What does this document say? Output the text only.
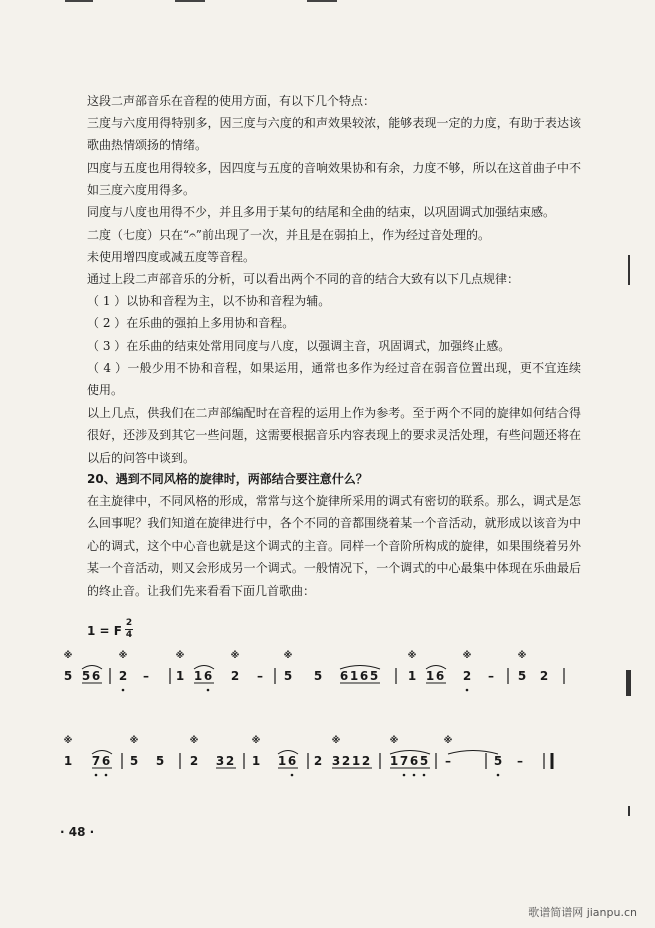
这段二声部音乐在音程的使用方面，有以下几个特点：

三度与六度用得特别多，因三度与六度的和声效果较浓，能够表现一定的力度，有助于表达该歌曲热情颂扬的情绪。

四度与五度也用得较多，因四度与五度的音响效果协和有余，力度不够，所以在这首曲子中不如三度六度用得多。

同度与八度也用得不少，并且多用于某句的结尾和全曲的结束，以巩固调式加强结束感。

二度（七度）只在“𝄐”前出现了一次，并且是在弱拍上，作为经过音处理的。

未使用增四度或减五度等音程。

通过上段二声部音乐的分析，可以看出两个不同的音的结合大致有以下几点规律：

（ 1 ）以协和音程为主，以不协和音程为辅。

（ 2 ）在乐曲的强拍上多用协和音程。

（ 3 ）在乐曲的结束处常用同度与八度，以强调主音，巩固调式，加强终止感。

（ 4 ）一般少用不协和音程，如果运用，通常也多作为经过音在弱音位置出现，更不宜连续使用。

以上几点，供我们在二声部编配时在音程的运用上作为参考。至于两个不同的旋律如何结合得很好，还涉及到其它一些问题，这需要根据音乐内容表现上的要求灵活处理，有些问题还将在以后的问答中谈到。

20、遇到不同风格的旋律时，两部结合要注意什么？

在主旋律中，不同风格的形成，常常与这个旋律所采用的调式有密切的联系。那么，调式是怎么回事呢？我们知道在旋律进行中，各个不同的音都围绕着某一个音活动，就形成以该音为中心的调式，这个中心音也就是这个调式的主音。同样一个音阶所构成的旋律，如果围绕着另外某一个音活动，则又会形成另一个调式。一般情况下，一个调式的中心最集中体现在乐曲最后的终止音。让我们先来看看下面几首歌曲：

1 = F
2
4
5 5 6 2 – 1 1 6 2 – 5 5 6 1 6 5 1 1 6 2 – 5 2
※	※	※	※	※	※	※	※
1 7 6 5 5 2 3 2 1 1 6 2 3 2 1 2 1 7 6 5 –	5 –
※	※	※	※	※	※	※
· 48 ·
歌谱简谱网 jianpu.cn
